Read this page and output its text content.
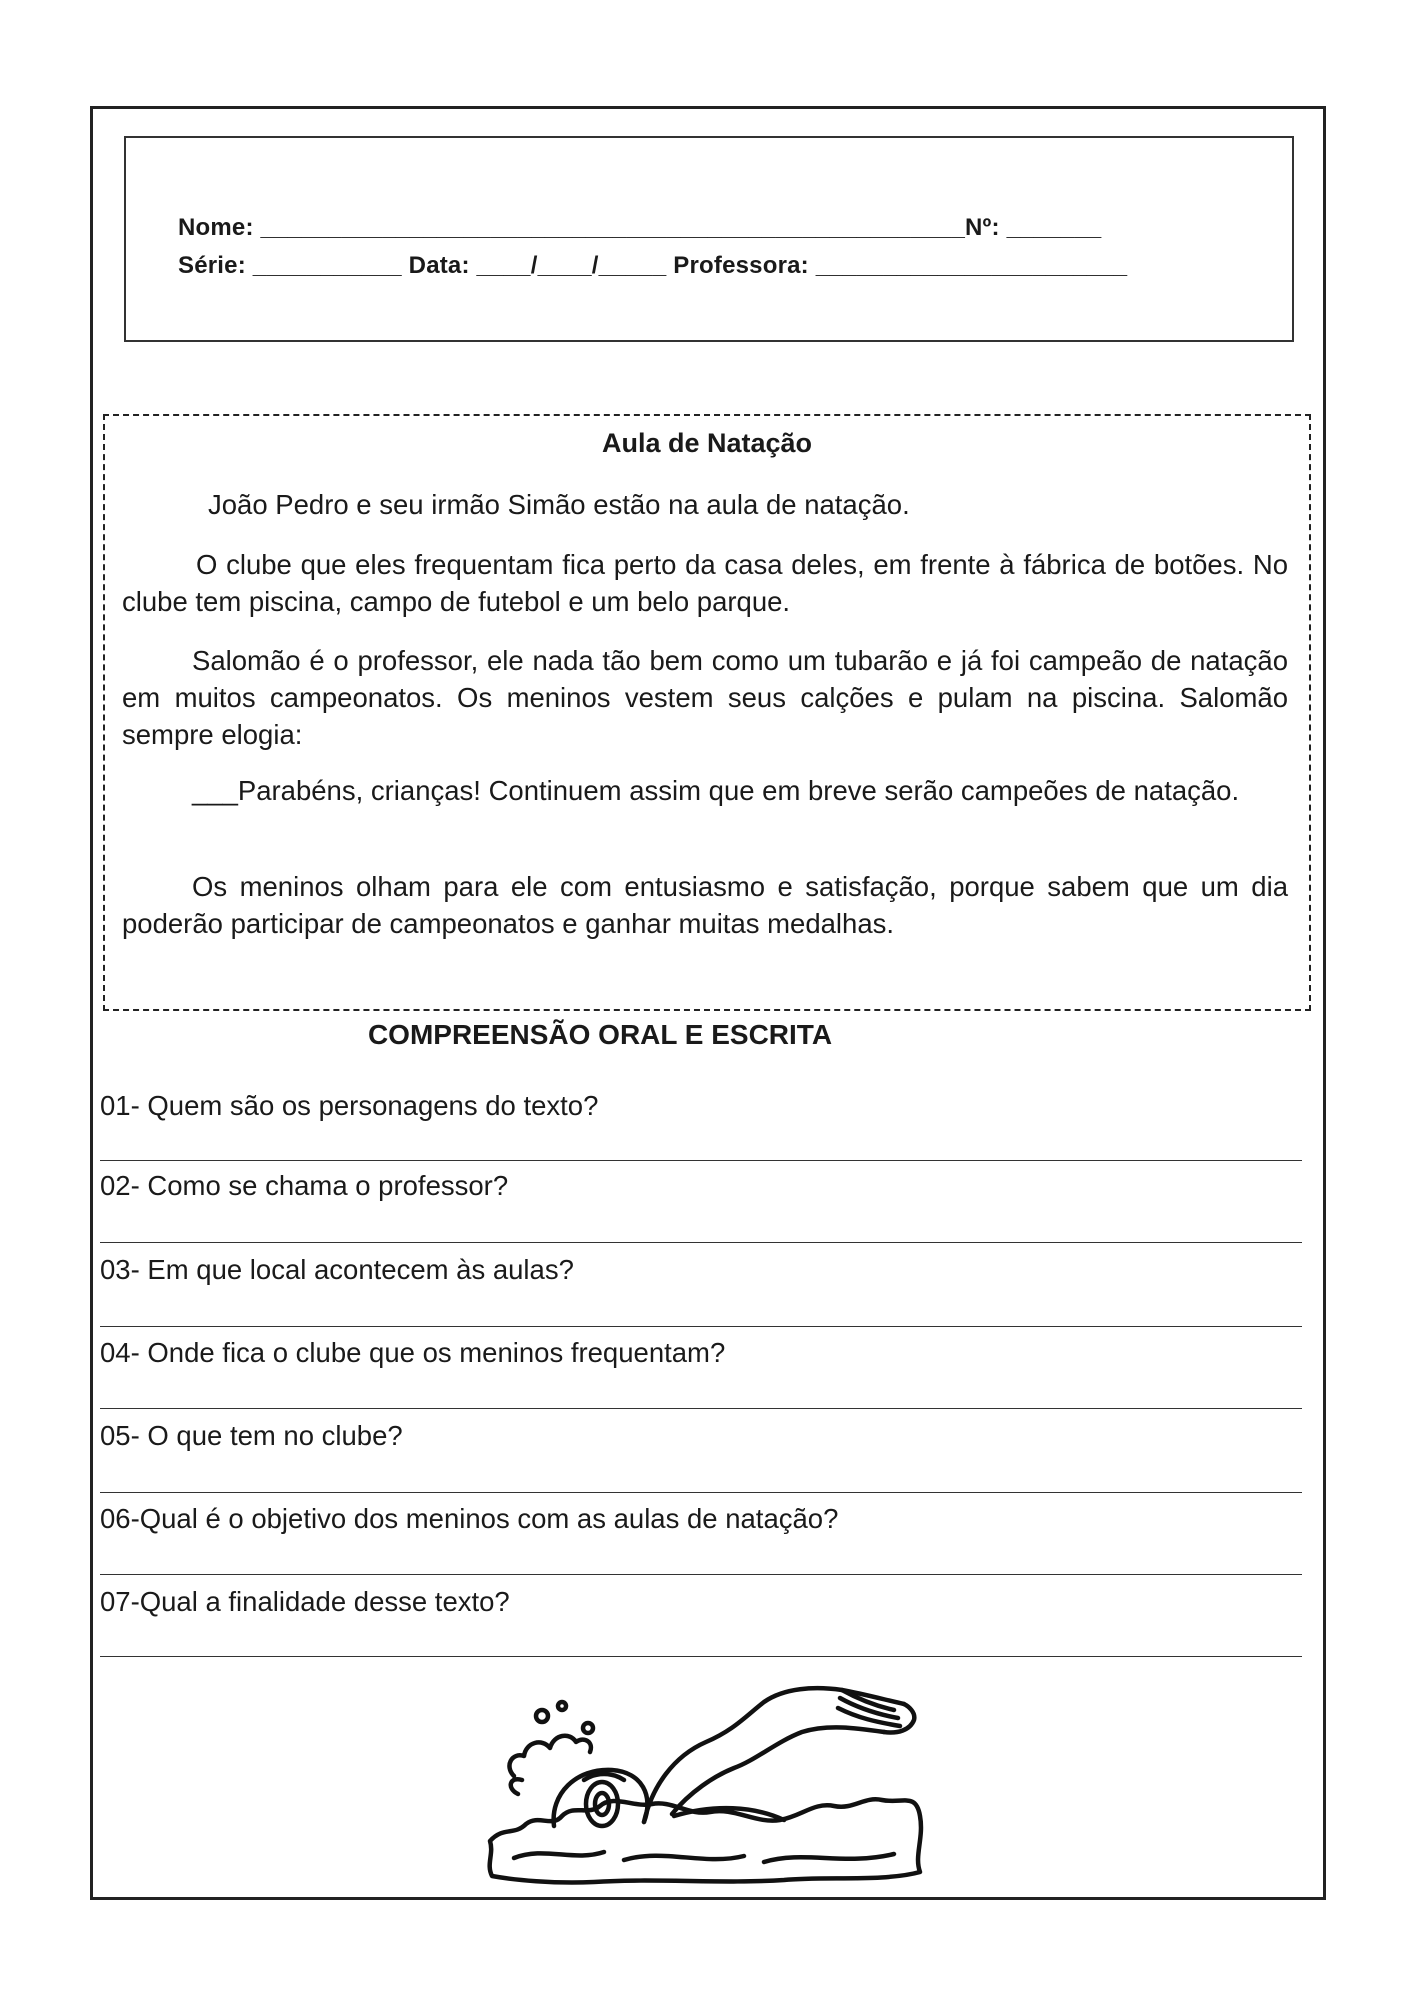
Nome: ____________________________________________________Nº: _______
Série: ___________ Data: ____/____/_____ Professora: _______________________
Aula de Natação

João Pedro e seu irmão Simão estão na aula de natação.

O clube que eles frequentam fica perto da casa deles, em frente à fábrica de botões. No clube tem piscina, campo de futebol e um belo parque.

Salomão é o professor, ele nada tão bem como um tubarão e já foi campeão de natação em muitos campeonatos. Os meninos vestem seus calções e pulam na piscina. Salomão sempre elogia:

___Parabéns, crianças! Continuem assim que em breve serão campeões de natação.

Os meninos olham para ele com entusiasmo e satisfação, porque sabem que um dia poderão participar de campeonatos e ganhar muitas medalhas.

COMPREENSÃO ORAL E ESCRITA
01- Quem são os personagens do texto?
02- Como se chama o professor?
03- Em que local acontecem às aulas?
04- Onde fica o clube que os meninos frequentam?
05- O que tem no clube?
06-Qual é o objetivo dos meninos com as aulas de natação?
07-Qual a finalidade desse texto?
